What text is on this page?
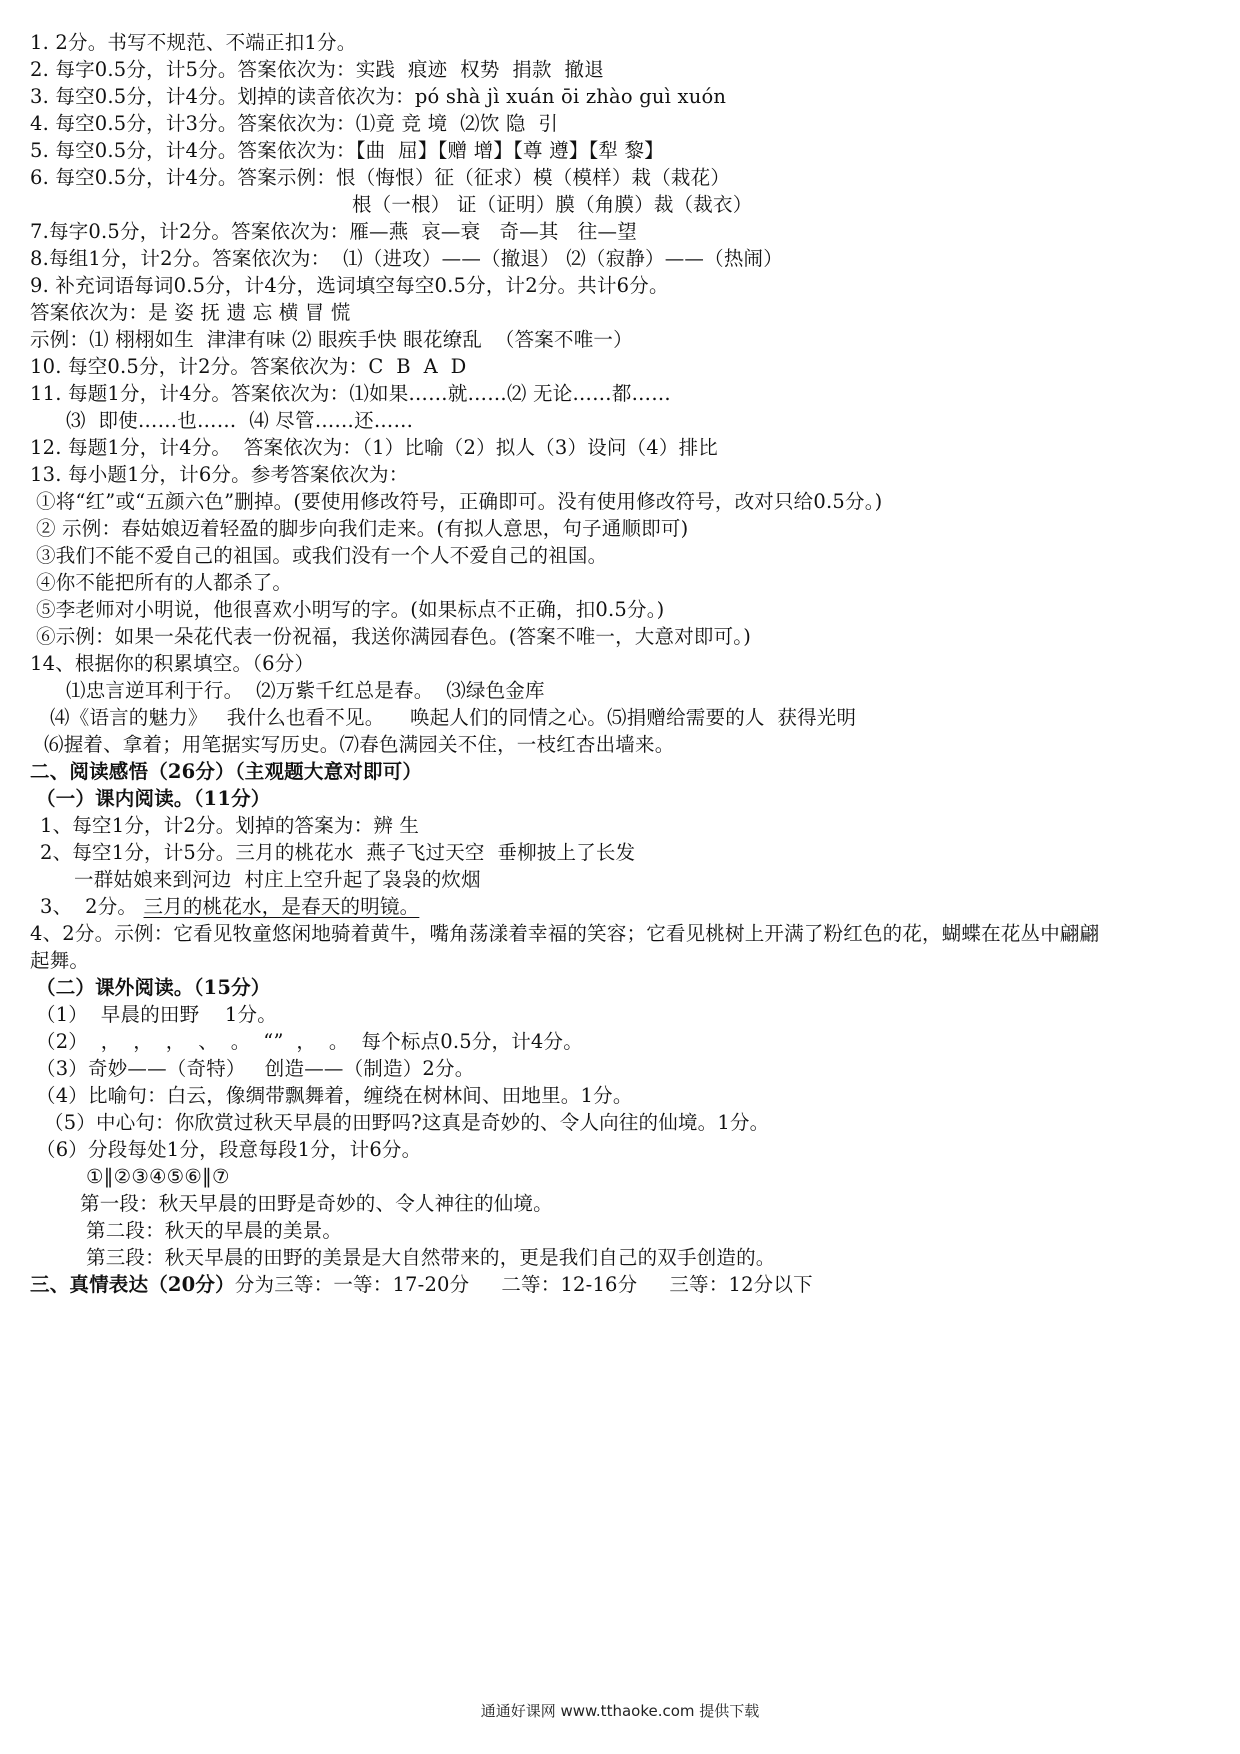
1. 2分。书写不规范、不端正扣1分。
2. 每字0.5分，计5分。答案依次为：实践  痕迹  权势  捐款  撤退
3. 每空0.5分，计4分。划掉的读音依次为：pó shà jì xuán ōi zhào guì xuón
4. 每空0.5分，计3分。答案依次为：⑴竟 竞 境  ⑵饮 隐  引
5. 每空0.5分，计4分。答案依次为：【曲  屈】【赠 增】【尊 遵】【犁 黎】
6. 每空0.5分，计4分。答案示例：恨（悔恨）征（征求）模（模样）栽（栽花）
根（一根） 证（证明）膜（角膜）裁（裁衣）
7.每字0.5分，计2分。答案依次为：雁—燕  哀—衰   奇—其   往—望
8.每组1分，计2分。答案依次为：  ⑴（进攻）——（撤退） ⑵（寂静）——（热闹）
9. 补充词语每词0.5分，计4分，选词填空每空0.5分，计2分。共计6分。
答案依次为：是 姿 抚 遗 忘 横 冒 慌
示例：⑴ 栩栩如生  津津有味 ⑵ 眼疾手快 眼花缭乱  （答案不唯一）
10. 每空0.5分，计2分。答案依次为：C  B  A  D
11. 每题1分，计4分。答案依次为：⑴如果……就……⑵ 无论……都……
⑶  即使……也……  ⑷ 尽管……还……
12. 每题1分，计4分。  答案依次为：（1）比喻（2）拟人（3）设问（4）排比
13. 每小题1分，计6分。参考答案依次为：
①将“红”或“五颜六色”删掉。(要使用修改符号，正确即可。没有使用修改符号，改对只给0.5分。)
② 示例：春姑娘迈着轻盈的脚步向我们走来。(有拟人意思，句子通顺即可)
③我们不能不爱自己的祖国。或我们没有一个人不爱自己的祖国。
④你不能把所有的人都杀了。
⑤李老师对小明说，他很喜欢小明写的字。(如果标点不正确，扣0.5分。)
⑥示例：如果一朵花代表一份祝福，我送你满园春色。(答案不唯一，大意对即可。)
14、根据你的积累填空。（6分）
⑴忠言逆耳利于行。  ⑵万紫千红总是春。  ⑶绿色金库
⑷《语言的魅力》   我什么也看不见。    唤起人们的同情之心。⑸捐赠给需要的人  获得光明
⑹握着、拿着；用笔据实写历史。⑺春色满园关不住，一枝红杏出墙来。
二、阅读感悟（26分）（主观题大意对即可）
（一）课内阅读。（11分）
1、每空1分，计2分。划掉的答案为：辨 生
2、每空1分，计5分。三月的桃花水  燕子飞过天空  垂柳披上了长发
一群姑娘来到河边  村庄上空升起了袅袅的炊烟
3、  2分。 三月的桃花水，是春天的明镜。
4、2分。示例：它看见牧童悠闲地骑着黄牛，嘴角荡漾着幸福的笑容；它看见桃树上开满了粉红色的花，蝴蝶在花丛中翩翩
起舞。
（二）课外阅读。（15分）
（1）  早晨的田野    1分。
（2）  ，  ，  ，  、  。  “”  ，  。  每个标点0.5分，计4分。
（3）奇妙——（奇特）   创造——（制造）2分。
（4）比喻句：白云，像绸带飘舞着，缠绕在树林间、田地里。1分。
（5）中心句：你欣赏过秋天早晨的田野吗?这真是奇妙的、令人向往的仙境。1分。
（6）分段每处1分，段意每段1分，计6分。
①‖②③④⑤⑥‖⑦
第一段：秋天早晨的田野是奇妙的、令人神往的仙境。
第二段：秋天的早晨的美景。
第三段：秋天早晨的田野的美景是大自然带来的，更是我们自己的双手创造的。
三、真情表达（20分）分为三等：一等：17-20分     二等：12-16分     三等：12分以下
通通好课网 www.tthaoke.com 提供下载
